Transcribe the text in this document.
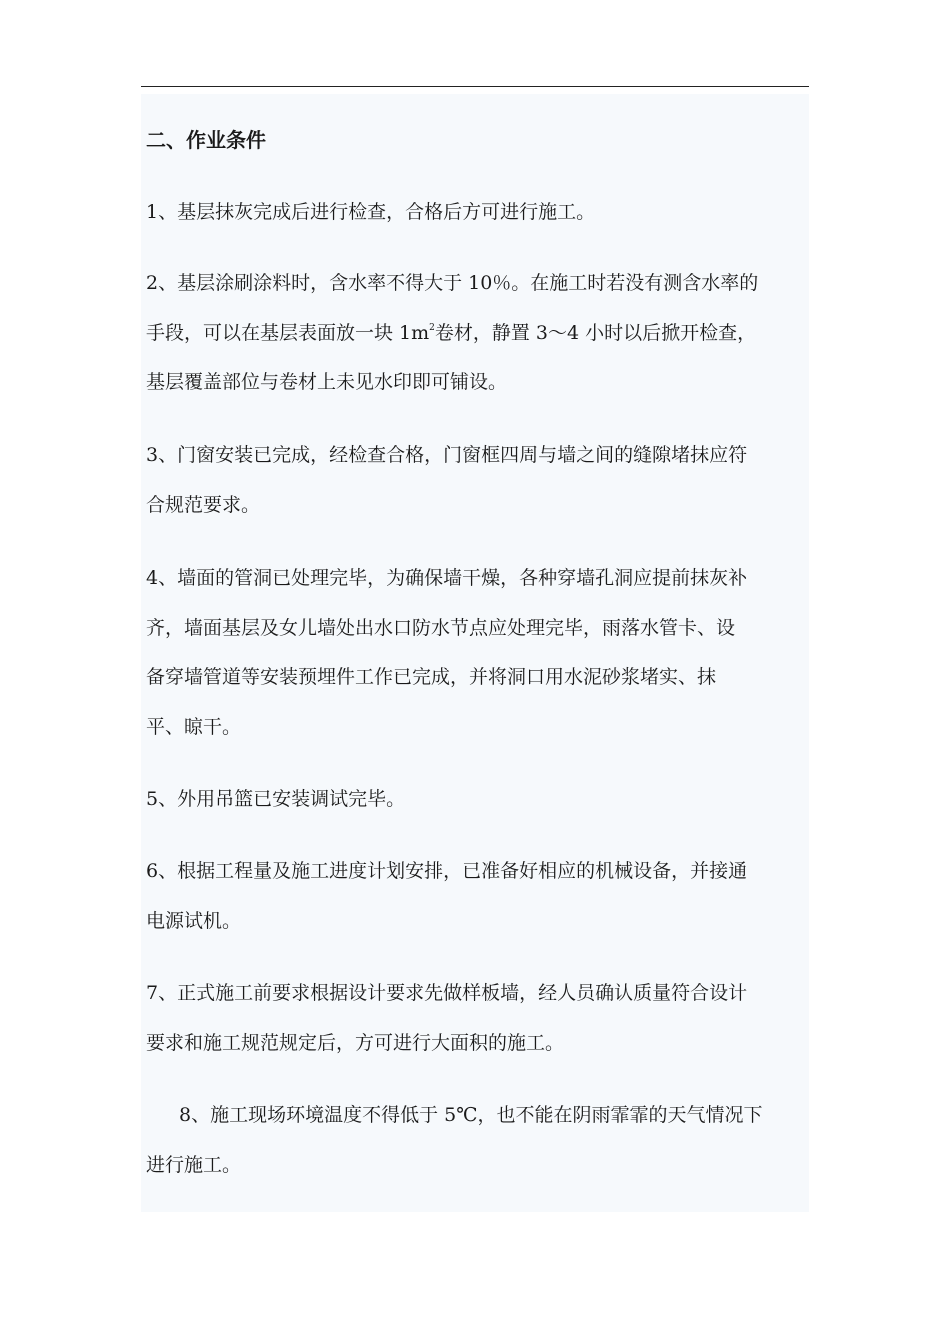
二、作业条件

1、基层抹灰完成后进行检查，合格后方可进行施工。

2、基层涂刷涂料时，含水率不得大于 10％。在施工时若没有测含水率的
手段，可以在基层表面放一块 $1m^2$卷材，静置 3～4 小时以后掀开检查，
基层覆盖部位与卷材上未见水印即可铺设。

3、门窗安装已完成，经检查合格，门窗框四周与墙之间的缝隙堵抹应符
合规范要求。

4、墙面的管洞已处理完毕，为确保墙干燥，各种穿墙孔洞应提前抹灰补
齐，墙面基层及女儿墙处出水口防水节点应处理完毕，雨落水管卡、设
备穿墙管道等安装预埋件工作已完成，并将洞口用水泥砂浆堵实、抹
平、晾干。

5、外用吊篮已安装调试完毕。

6、根据工程量及施工进度计划安排，已准备好相应的机械设备，并接通
电源试机。

7、正式施工前要求根据设计要求先做样板墙，经人员确认质量符合设计
要求和施工规范规定后，方可进行大面积的施工。

8、施工现场环境温度不得低于 5℃，也不能在阴雨霏霏的天气情况下
进行施工。
